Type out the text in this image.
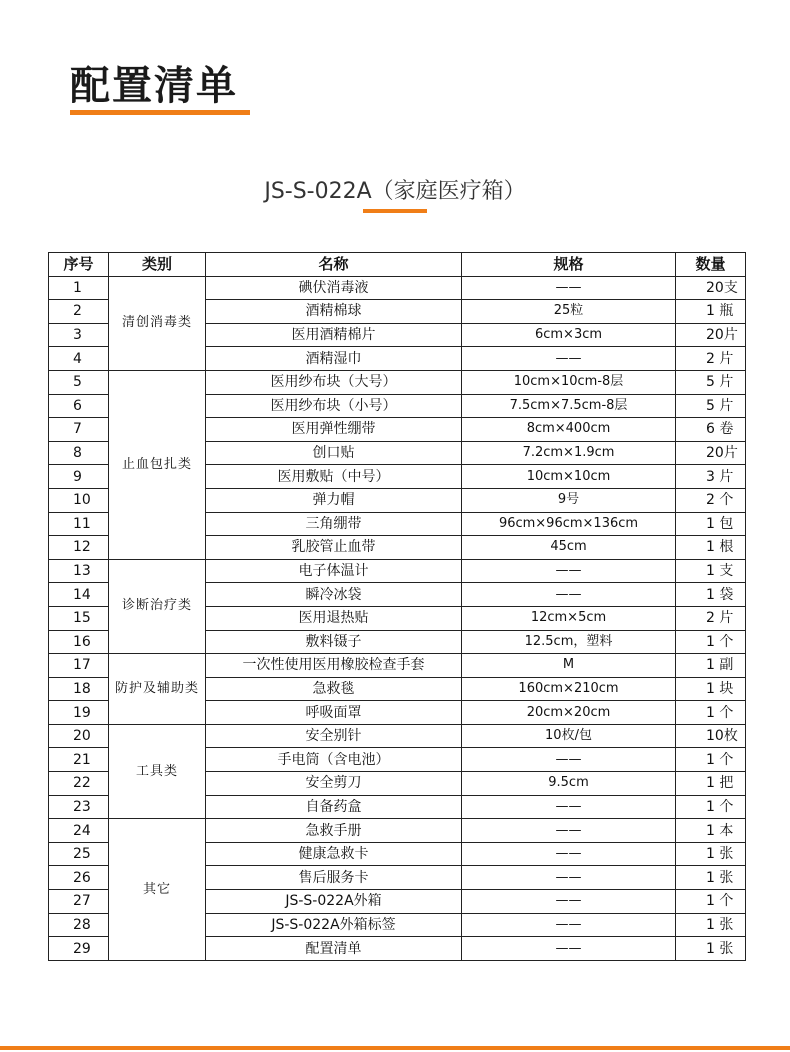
配置清单
JS-S-022A（家庭医疗箱）
序号	类别	名称	规格	数量
1	清创消毒类	碘伏消毒液	——	20支
2		酒精棉球	25粒	1 瓶
3		医用酒精棉片	6cm×3cm	20片
4		酒精湿巾	——	2 片
5	止血包扎类	医用纱布块（大号）	10cm×10cm-8层	5 片
6		医用纱布块（小号）	7.5cm×7.5cm-8层	5 片
7		医用弹性绷带	8cm×400cm	6 卷
8		创口贴	7.2cm×1.9cm	20片
9		医用敷贴（中号）	10cm×10cm	3 片
10		弹力帽	9号	2 个
11		三角绷带	96cm×96cm×136cm	1 包
12		乳胶管止血带	45cm	1 根
13	诊断治疗类	电子体温计	——	1 支
14		瞬冷冰袋	——	1 袋
15		医用退热贴	12cm×5cm	2 片
16		敷料镊子	12.5cm，塑料	1 个
17	防护及辅助类	一次性使用医用橡胶检查手套	M	1 副
18		急救毯	160cm×210cm	1 块
19		呼吸面罩	20cm×20cm	1 个
20	工具类	安全别针	10枚/包	10枚
21		手电筒（含电池）	——	1 个
22		安全剪刀	9.5cm	1 把
23		自备药盒	——	1 个
24	其它	急救手册	——	1 本
25		健康急救卡	——	1 张
26		售后服务卡	——	1 张
27		JS-S-022A外箱	——	1 个
28		JS-S-022A外箱标签	——	1 张
29		配置清单	——	1 张
